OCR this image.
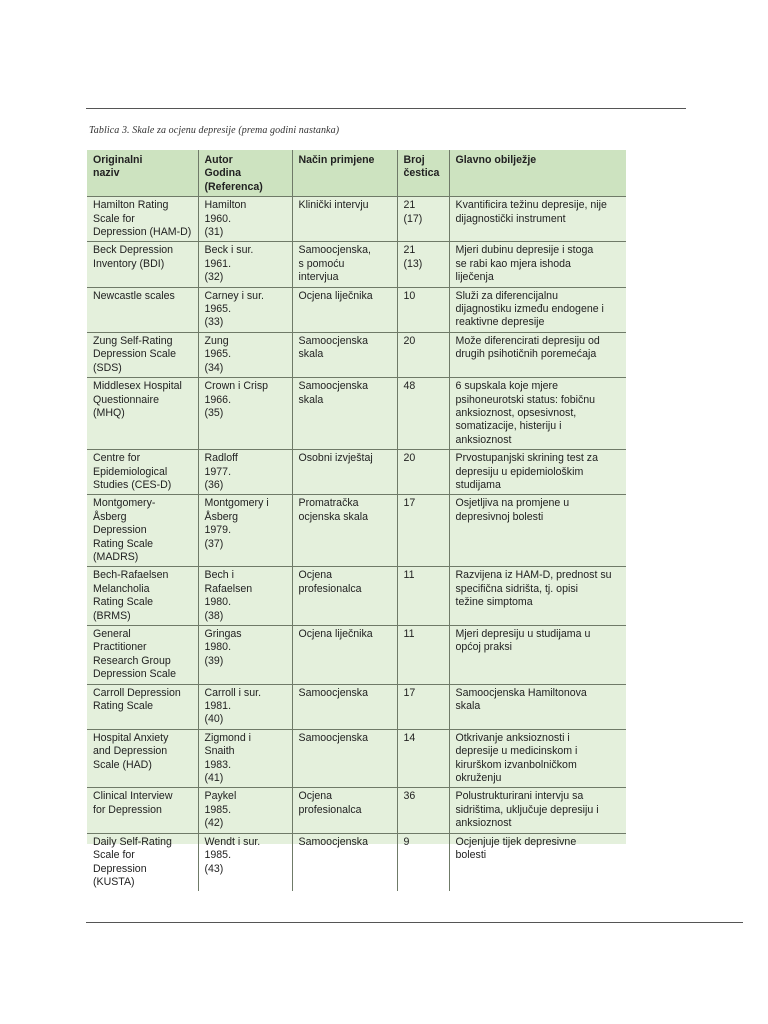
Tablica 3. Skale za ocjenu depresije (prema godini nastanka)
Originalni
naziv	Autor
Godina
(Referenca)	Način primjene	Broj
čestica	Glavno obilježje

Hamilton Rating
Scale for
Depression (HAM-D)	Hamilton
1960.
(31)	Klinički intervju	21
(17)	Kvantificira težinu depresije, nije
dijagnostički instrument

Beck Depression
Inventory (BDI)	Beck i sur.
1961.
(32)	Samoocjenska,
s pomoću
intervjua	21
(13)	Mjeri dubinu depresije i stoga
se rabi kao mjera ishoda
liječenja

Newcastle scales	Carney i sur.
1965.
(33)	Ocjena liječnika	10	Služi za diferencijalnu
dijagnostiku između endogene i
reaktivne depresije

Zung Self-Rating
Depression Scale
(SDS)	Zung
1965.
(34)	Samoocjenska
skala	20	Može diferencirati depresiju od
drugih psihotičnih poremećaja

Middlesex Hospital
Questionnaire
(MHQ)	Crown i Crisp
1966.
(35)	Samoocjenska
skala	48	6 supskala koje mjere
psihoneurotski status: fobičnu
anksioznost, opsesivnost,
somatizacije, histeriju i
anksioznost

Centre for
Epidemiological
Studies (CES-D)	Radloff
1977.
(36)	Osobni izvještaj	20	Prvostupanjski skrining test za
depresiju u epidemiološkim
studijama

Montgomery-
Åsberg
Depression
Rating Scale
(MADRS)	Montgomery i
Åsberg
1979.
(37)	Promatračka
ocjenska skala	17	Osjetljiva na promjene u
depresivnoj bolesti

Bech-Rafaelsen
Melancholia
Rating Scale
(BRMS)	Bech i
Rafaelsen
1980.
(38)	Ocjena
profesionalca	11	Razvijena iz HAM-D, prednost su
specifična sidrišta, tj. opisi
težine simptoma

General
Practitioner
Research Group
Depression Scale	Gringas
1980.
(39)	Ocjena liječnika	11	Mjeri depresiju u studijama u
općoj praksi

Carroll Depression
Rating Scale	Carroll i sur.
1981.
(40)	Samoocjenska	17	Samoocjenska Hamiltonova
skala

Hospital Anxiety
and Depression
Scale (HAD)	Zigmond i
Snaith
1983.
(41)	Samoocjenska	14	Otkrivanje anksioznosti i
depresije u medicinskom i
kirurškom izvanbolničkom
okruženju

Clinical Interview
for Depression	Paykel
1985.
(42)	Ocjena
profesionalca	36	Polustrukturirani intervju sa
sidrištima, uključuje depresiju i
anksioznost

Daily Self-Rating
Scale for
Depression
(KUSTA)	Wendt i sur.
1985.
(43)	Samoocjenska	9	Ocjenjuje tijek depresivne
bolesti
